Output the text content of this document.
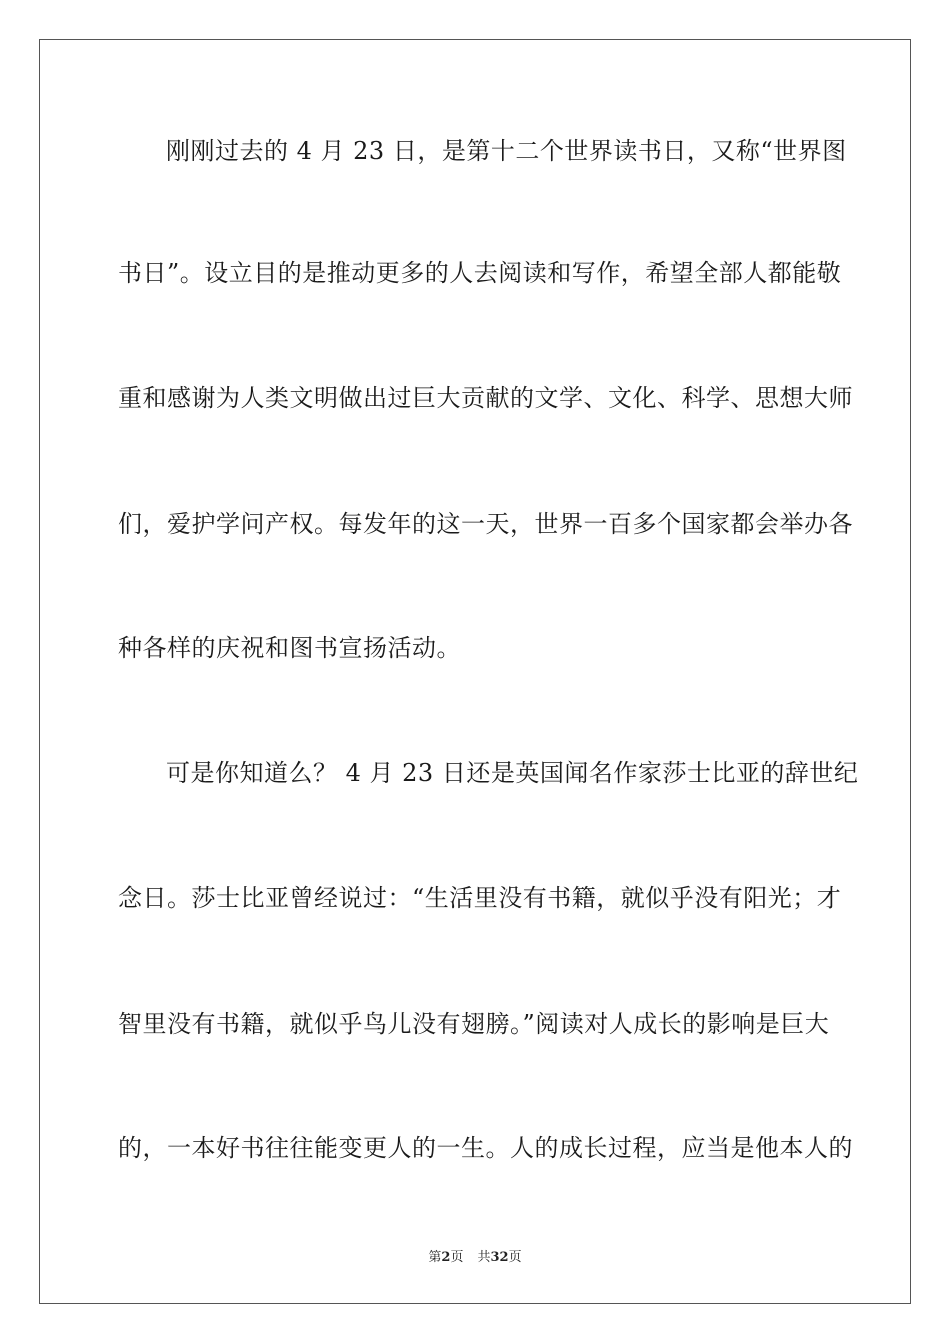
刚刚过去的 4 月 23 日，是第十二个世界读书日，又称“世界图
书日”。设立目的是推动更多的人去阅读和写作，希望全部人都能敬
重和感谢为人类文明做出过巨大贡献的文学、文化、科学、思想大师
们，爱护学问产权。每发年的这一天，世界一百多个国家都会举办各
种各样的庆祝和图书宣扬活动。
可是你知道么？ 4 月 23 日还是英国闻名作家莎士比亚的辞世纪
念日。莎士比亚曾经说过：“生活里没有书籍，就似乎没有阳光；才
智里没有书籍，就似乎鸟儿没有翅膀。”阅读对人成长的影响是巨大
的，一本好书往往能变更人的一生。人的成长过程，应当是他本人的
第2页 共32页
